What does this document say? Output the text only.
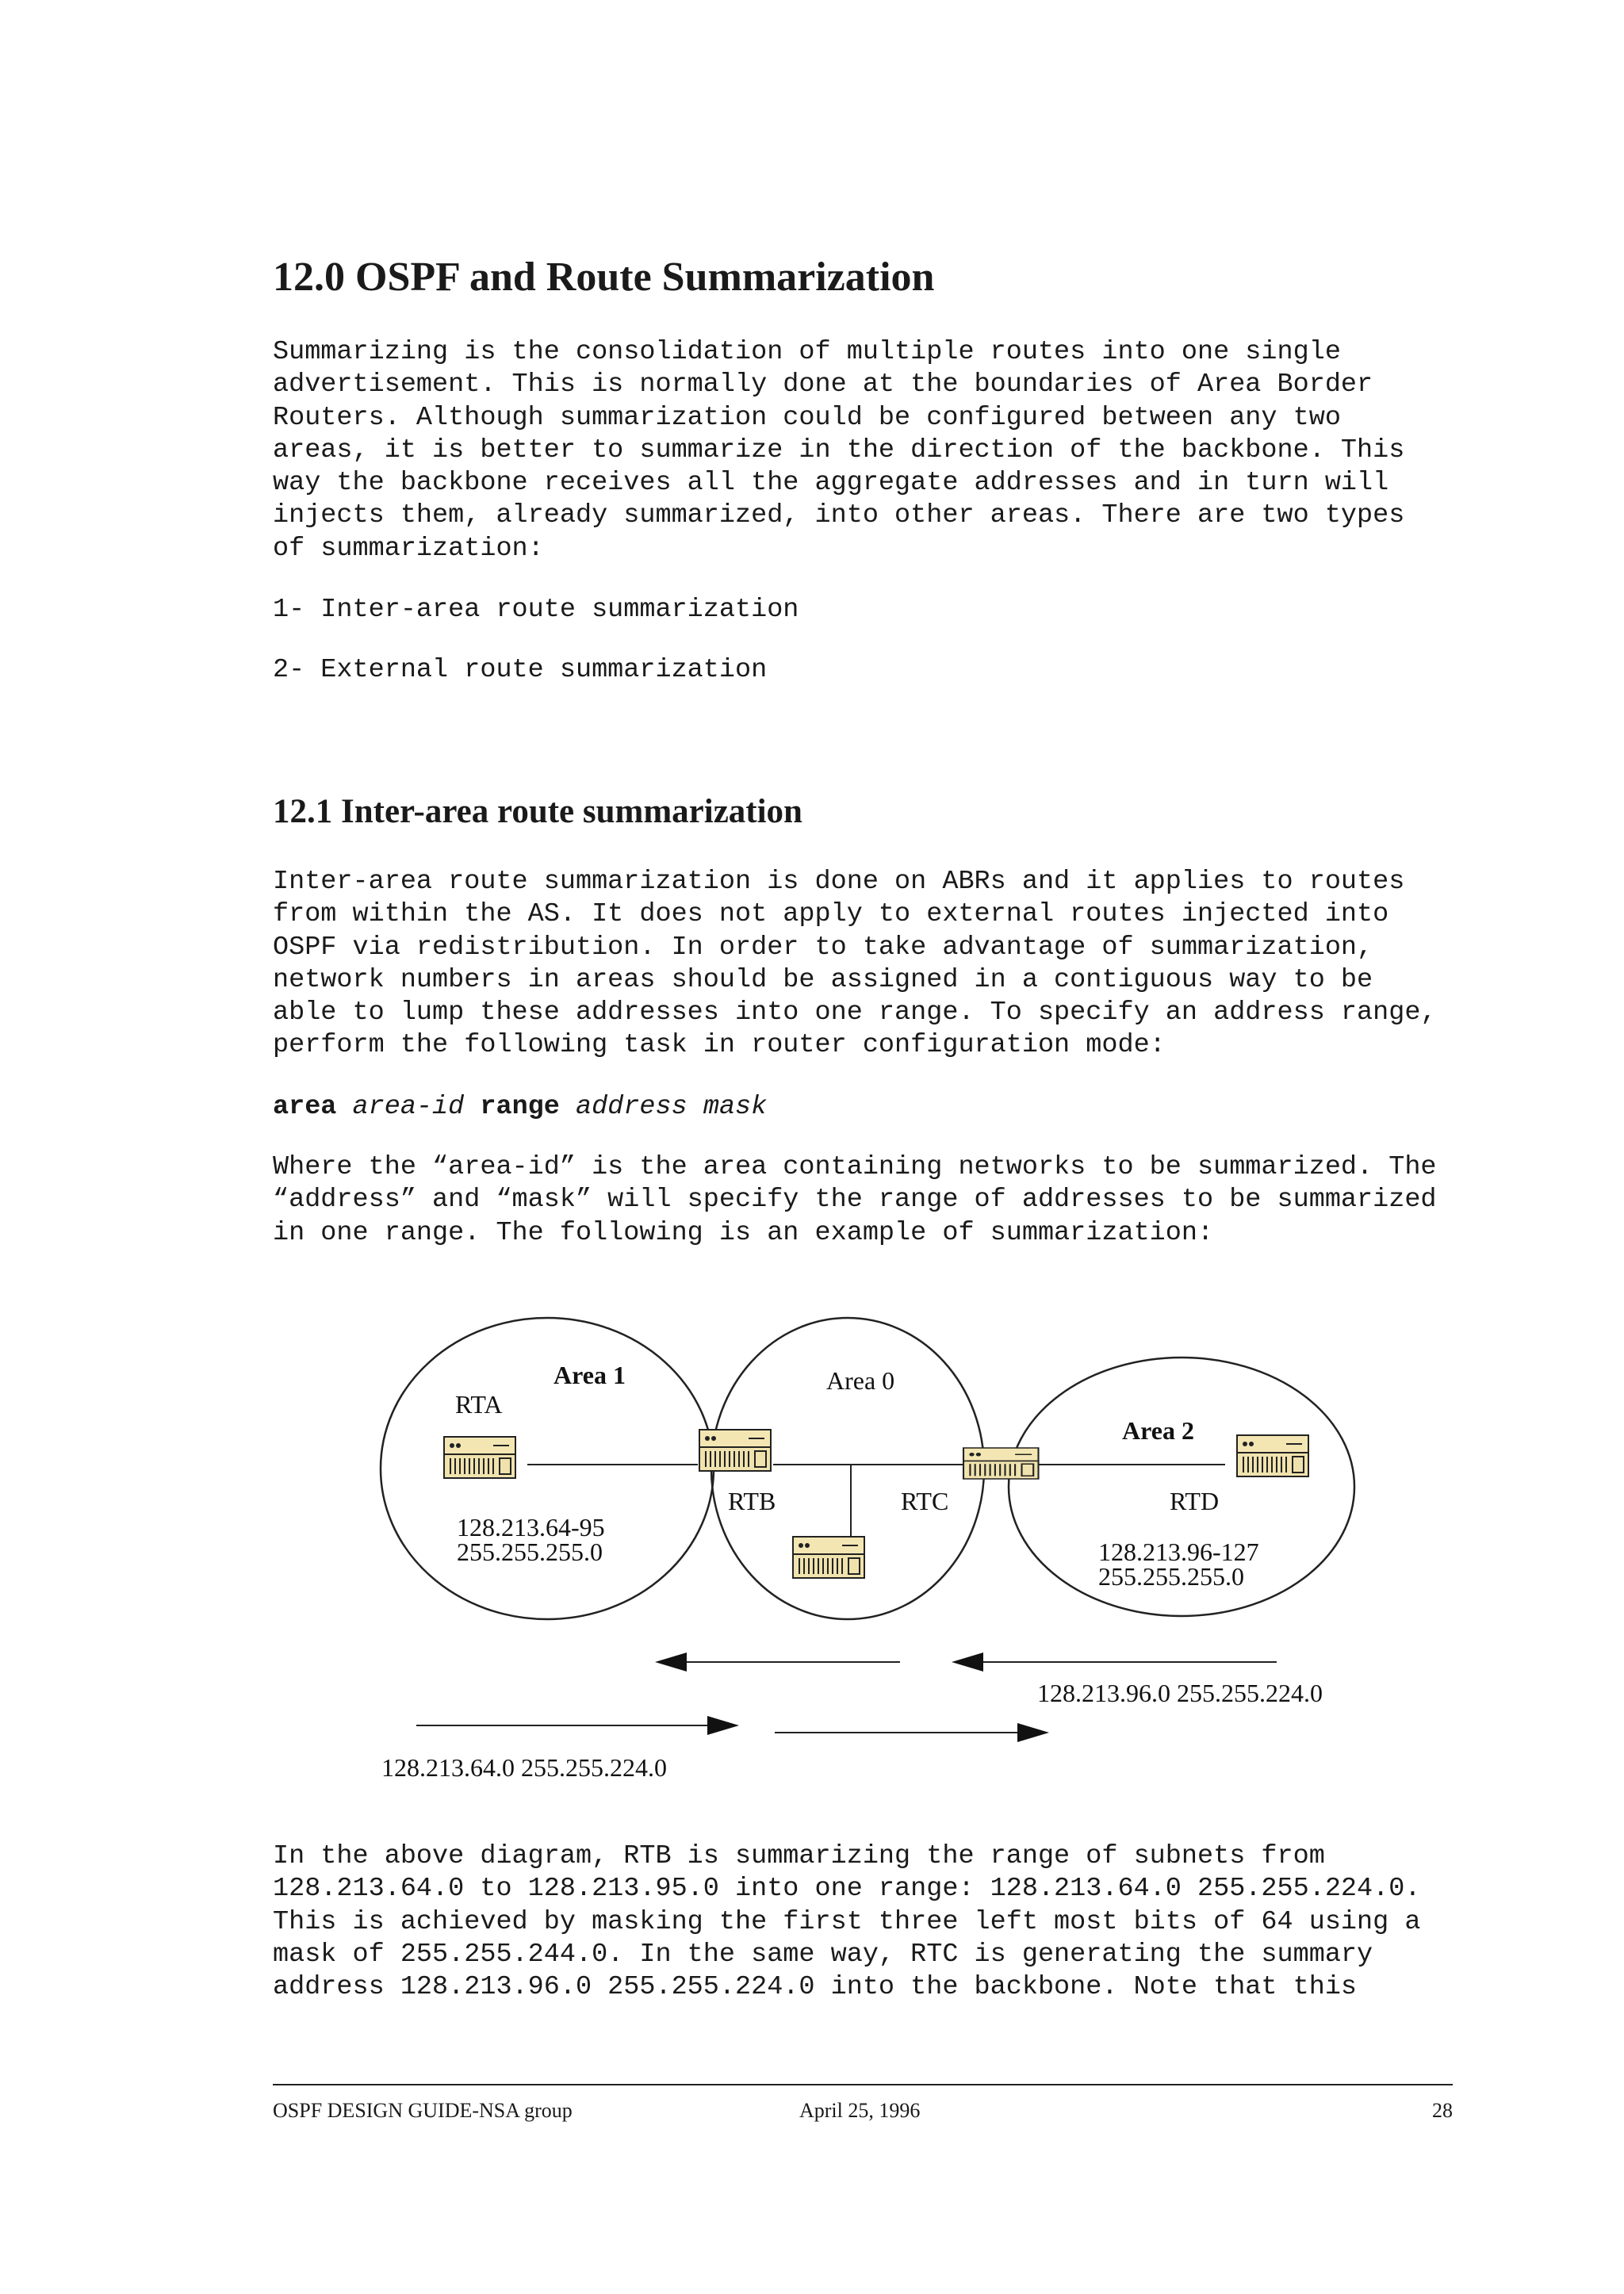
12.0 OSPF and Route Summarization
Summarizing is the consolidation of multiple routes into one single
advertisement. This is normally done at the boundaries of Area Border
Routers. Although summarization could be configured between any two
areas, it is better to summarize in the direction of the backbone. This
way the backbone receives all the aggregate addresses and in turn will
injects them, already summarized, into other areas. There are two types
of summarization:
1- Inter-area route summarization
2- External route summarization
12.1 Inter-area route summarization
Inter-area route summarization is done on ABRs and it applies to routes
from within the AS. It does not apply to external routes injected into
OSPF via redistribution. In order to take advantage of summarization,
network numbers in areas should be assigned in a contiguous way to be
able to lump these addresses into one range. To specify an address range,
perform the following task in router configuration mode:
area area-id range address mask
Where the “area-id” is the area containing networks to be summarized. The
“address” and “mask” will specify the range of addresses to be summarized
in one range. The following is an example of summarization:
Area 1	Area 0
Area 2
RTA
RTB	RTC	RTD
128.213.64-95
255.255.255.0	128.213.96-127
255.255.255.0
128.213.96.0 255.255.224.0
128.213.64.0 255.255.224.0
In the above diagram, RTB is summarizing the range of subnets from
128.213.64.0 to 128.213.95.0 into one range: 128.213.64.0 255.255.224.0.
This is achieved by masking the first three left most bits of 64 using a
mask of 255.255.244.0. In the same way, RTC is generating the summary
address 128.213.96.0 255.255.224.0 into the backbone. Note that this
OSPF DESIGN GUIDE-NSA group	April 25, 1996	28
